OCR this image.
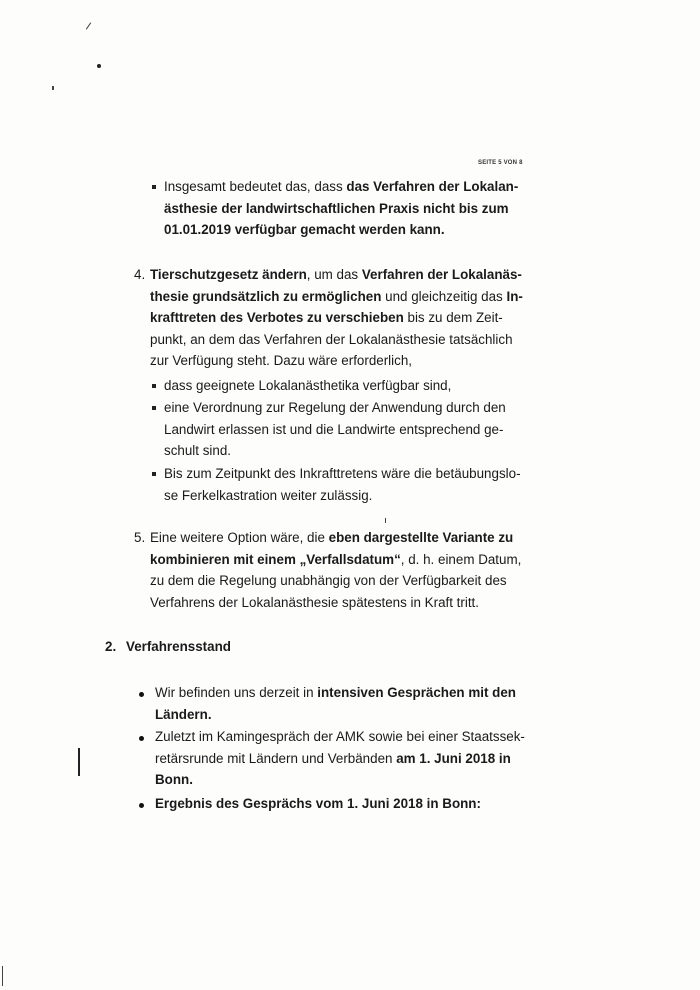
SEITE 5 VON 8
Insgesamt bedeutet das, dass das Verfahren der Lokalan-
ästhesie der landwirtschaftlichen Praxis nicht bis zum
01.01.2019 verfügbar gemacht werden kann.
4. Tierschutzgesetz ändern, um das Verfahren der Lokalanäs-
thesie grundsätzlich zu ermöglichen und gleichzeitig das In-
krafttreten des Verbotes zu verschieben bis zu dem Zeit-
punkt, an dem das Verfahren der Lokalanästhesie tatsächlich
zur Verfügung steht. Dazu wäre erforderlich,
dass geeignete Lokalanästhetika verfügbar sind,
eine Verordnung zur Regelung der Anwendung durch den
Landwirt erlassen ist und die Landwirte entsprechend ge-
schult sind.
Bis zum Zeitpunkt des Inkrafttretens wäre die betäubungslo-
se Ferkelkastration weiter zulässig.
5. Eine weitere Option wäre, die eben dargestellte Variante zu
kombinieren mit einem „Verfallsdatum“, d. h. einem Datum,
zu dem die Regelung unabhängig von der Verfügbarkeit des
Verfahrens der Lokalanästhesie spätestens in Kraft tritt.
2. Verfahrensstand
Wir befinden uns derzeit in intensiven Gesprächen mit den
Ländern.
Zuletzt im Kamingespräch der AMK sowie bei einer Staatssek-
retärsrunde mit Ländern und Verbänden am 1. Juni 2018 in
Bonn.
Ergebnis des Gesprächs vom 1. Juni 2018 in Bonn:
